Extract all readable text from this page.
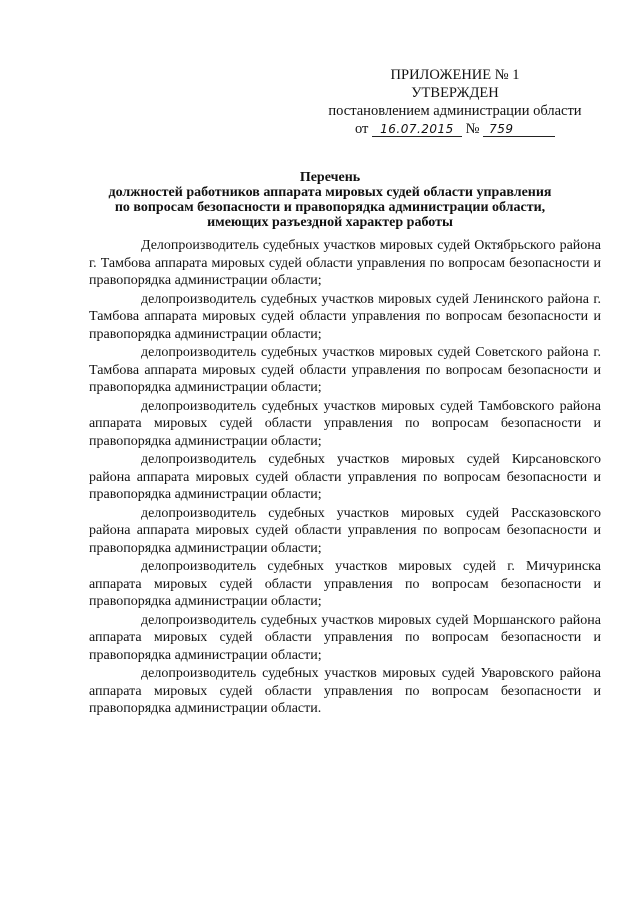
ПРИЛОЖЕНИЕ № 1
УТВЕРЖДЕН
постановлением администрации области
от 16.07.2015 № 759
Перечень
должностей работников аппарата мировых судей области управления
по вопросам безопасности и правопорядка администрации области,
имеющих разъездной характер работы

Делопроизводитель судебных участков мировых судей Октябрьского района г. Тамбова аппарата мировых судей области управления по вопросам безопасности и правопорядка администрации области;

делопроизводитель судебных участков мировых судей Ленинского района г. Тамбова аппарата мировых судей области управления по вопросам безопасности и правопорядка администрации области;

делопроизводитель судебных участков мировых судей Советского района г. Тамбова аппарата мировых судей области управления по вопросам безопасности и правопорядка администрации области;

делопроизводитель судебных участков мировых судей Тамбовского района аппарата мировых судей области управления по вопросам безопасности и правопорядка администрации области;

делопроизводитель судебных участков мировых судей Кирсановского района аппарата мировых судей области управления по вопросам безопасности и правопорядка администрации области;

делопроизводитель судебных участков мировых судей Рассказовского района аппарата мировых судей области управления по вопросам безопасности и правопорядка администрации области;

делопроизводитель судебных участков мировых судей г. Мичуринска аппарата мировых судей области управления по вопросам безопасности и правопорядка администрации области;

делопроизводитель судебных участков мировых судей Моршанского района аппарата мировых судей области управления по вопросам безопасности и правопорядка администрации области;

делопроизводитель судебных участков мировых судей Уваровского района аппарата мировых судей области управления по вопросам безопасности и правопорядка администрации области.
